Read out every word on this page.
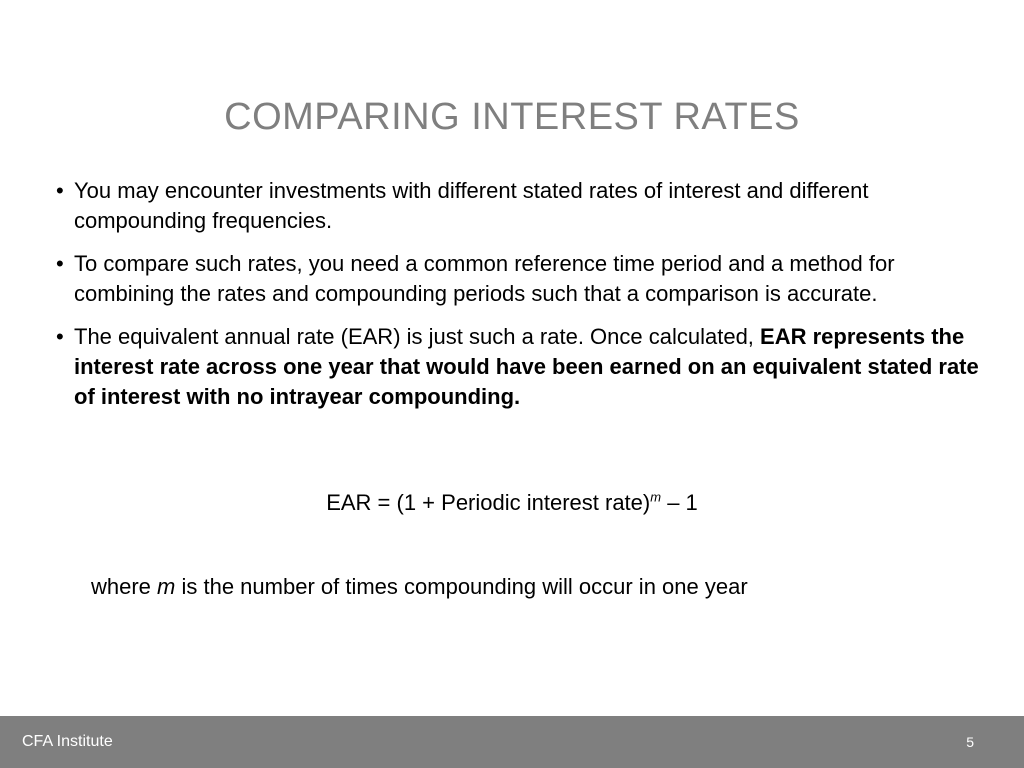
COMPARING INTEREST RATES
• You may encounter investments with different stated rates of interest and different compounding frequencies.
• To compare such rates, you need a common reference time period and a method for combining the rates and compounding periods such that a comparison is accurate.
• The equivalent annual rate (EAR) is just such a rate. Once calculated, EAR represents the interest rate across one year that would have been earned on an equivalent stated rate of interest with no intrayear compounding.
EAR = (1 + Periodic interest rate)$^m$ – 1
where m is the number of times compounding will occur in one year
CFA Institute	5
